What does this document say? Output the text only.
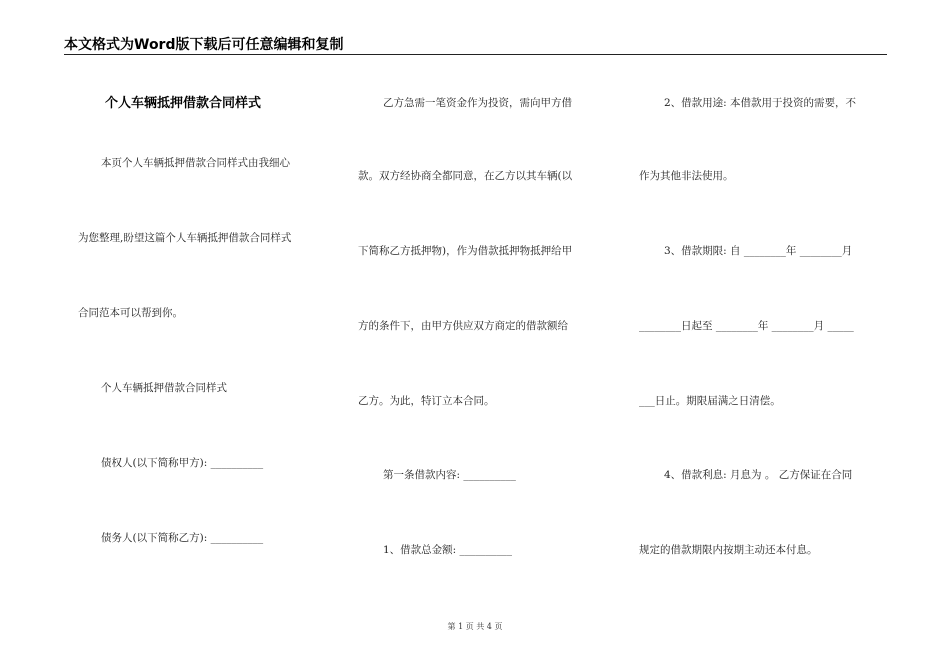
本文格式为Word版下载后可任意编辑和复制
个人车辆抵押借款合同样式
本页个人车辆抵押借款合同样式由我细心
为您整理,盼望这篇个人车辆抵押借款合同样式
合同范本可以帮到你。
个人车辆抵押借款合同样式
债权人(以下简称甲方): __________
债务人(以下简称乙方): __________
乙方急需一笔资金作为投资，需向甲方借
款。双方经协商全都同意，在乙方以其车辆(以
下简称乙方抵押物)，作为借款抵押物抵押给甲
方的条件下，由甲方供应双方商定的借款额给
乙方。为此，特订立本合同。
第一条借款内容: __________
1、借款总金额: __________
2、借款用途: 本借款用于投资的需要，不
作为其他非法使用。
3、借款期限: 自 ________年 ________月
________日起至 ________年 ________月 _____
___日止。期限届满之日清偿。
4、借款利息: 月息为 。 乙方保证在合同
规定的借款期限内按期主动还本付息。
第 1 页 共 4 页
